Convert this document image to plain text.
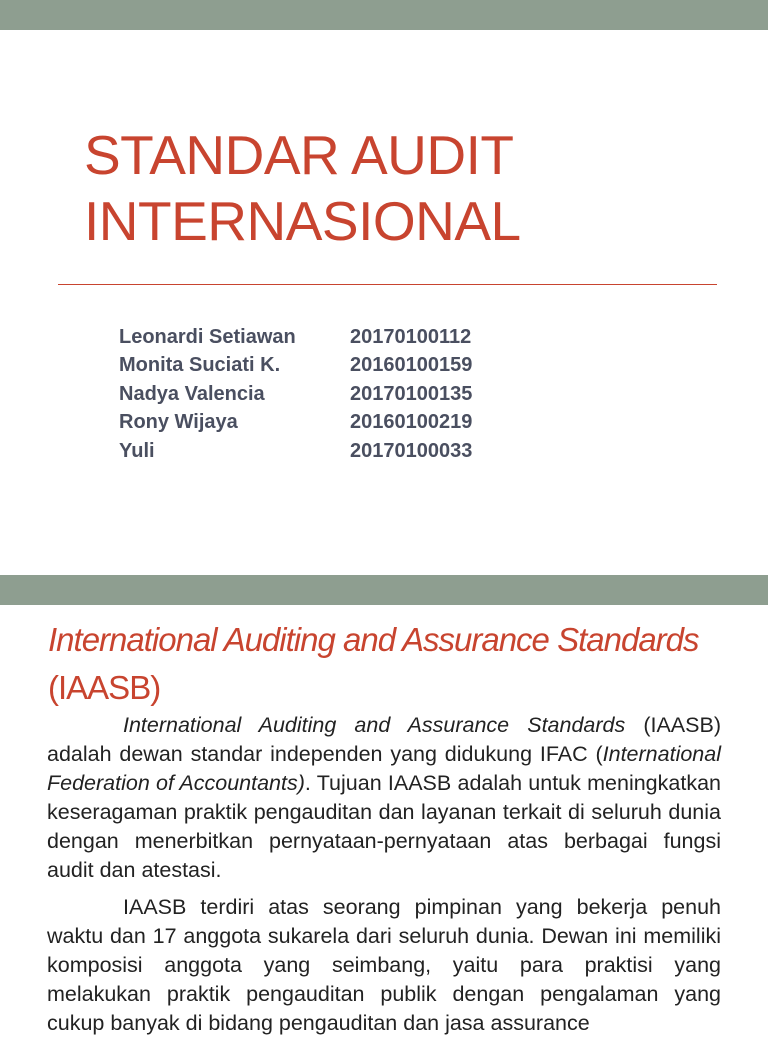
STANDAR AUDIT
INTERNASIONAL
Leonardi Setiawan	20170100112
Monita Suciati K.	20160100159
Nadya Valencia	20170100135
Rony Wijaya	20160100219
Yuli	20170100033
International Auditing and Assurance Standards (IAASB)

International Auditing and Assurance Standards (IAASB) adalah dewan standar independen yang didukung IFAC (International Federation of Accountants). Tujuan IAASB adalah untuk meningkatkan keseragaman praktik pengauditan dan layanan terkait di seluruh dunia dengan menerbitkan pernyataan-pernyataan atas berbagai fungsi audit dan atestasi.

IAASB terdiri atas seorang pimpinan yang bekerja penuh waktu dan 17 anggota sukarela dari seluruh dunia. Dewan ini memiliki komposisi anggota yang seimbang, yaitu para praktisi yang melakukan praktik pengauditan publik dengan pengalaman yang cukup banyak di bidang pengauditan dan jasa assurance
